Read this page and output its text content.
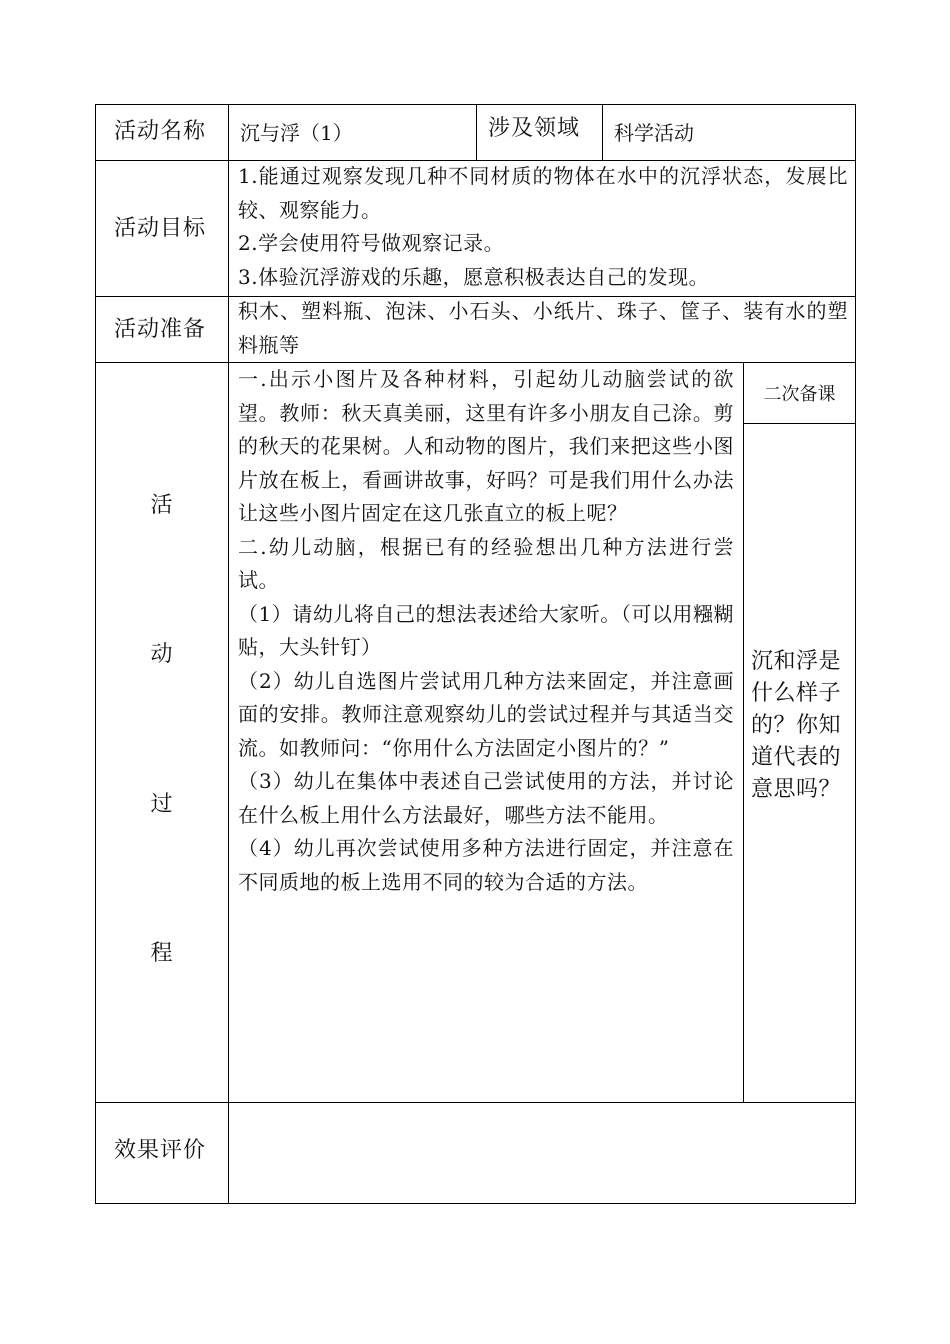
活动名称 沉与浮（1）	涉及领域 科学活动
活动目标

1.能通过观察发现几种不同材质的物体在水中的沉浮状态，发展比较、观察能力。

2.学会使用符号做观察记录。

3.体验沉浮游戏的乐趣，愿意积极表达自己的发现。

活动准备

积木、塑料瓶、泡沫、小石头、小纸片、珠子、筐子、装有水的塑料瓶等

活
动
过
程

一.出示小图片及各种材料，引起幼儿动脑尝试的欲望。教师：秋天真美丽，这里有许多小朋友自己涂。剪的秋天的花果树。人和动物的图片，我们来把这些小图片放在板上，看画讲故事，好吗？可是我们用什么办法让这些小图片固定在这几张直立的板上呢？

二.幼儿动脑，根据已有的经验想出几种方法进行尝试。

（1）请幼儿将自己的想法表述给大家听。（可以用糨糊贴，大头针钉）

（2）幼儿自选图片尝试用几种方法来固定，并注意画面的安排。教师注意观察幼儿的尝试过程并与其适当交流。如教师问：“你用什么方法固定小图片的？”

（3）幼儿在集体中表述自己尝试使用的方法，并讨论在什么板上用什么方法最好，哪些方法不能用。

（4）幼儿再次尝试使用多种方法进行固定，并注意在不同质地的板上选用不同的较为合适的方法。

二次备课
沉和浮是什么样子的？你知道代表的意思吗？
效果评价
